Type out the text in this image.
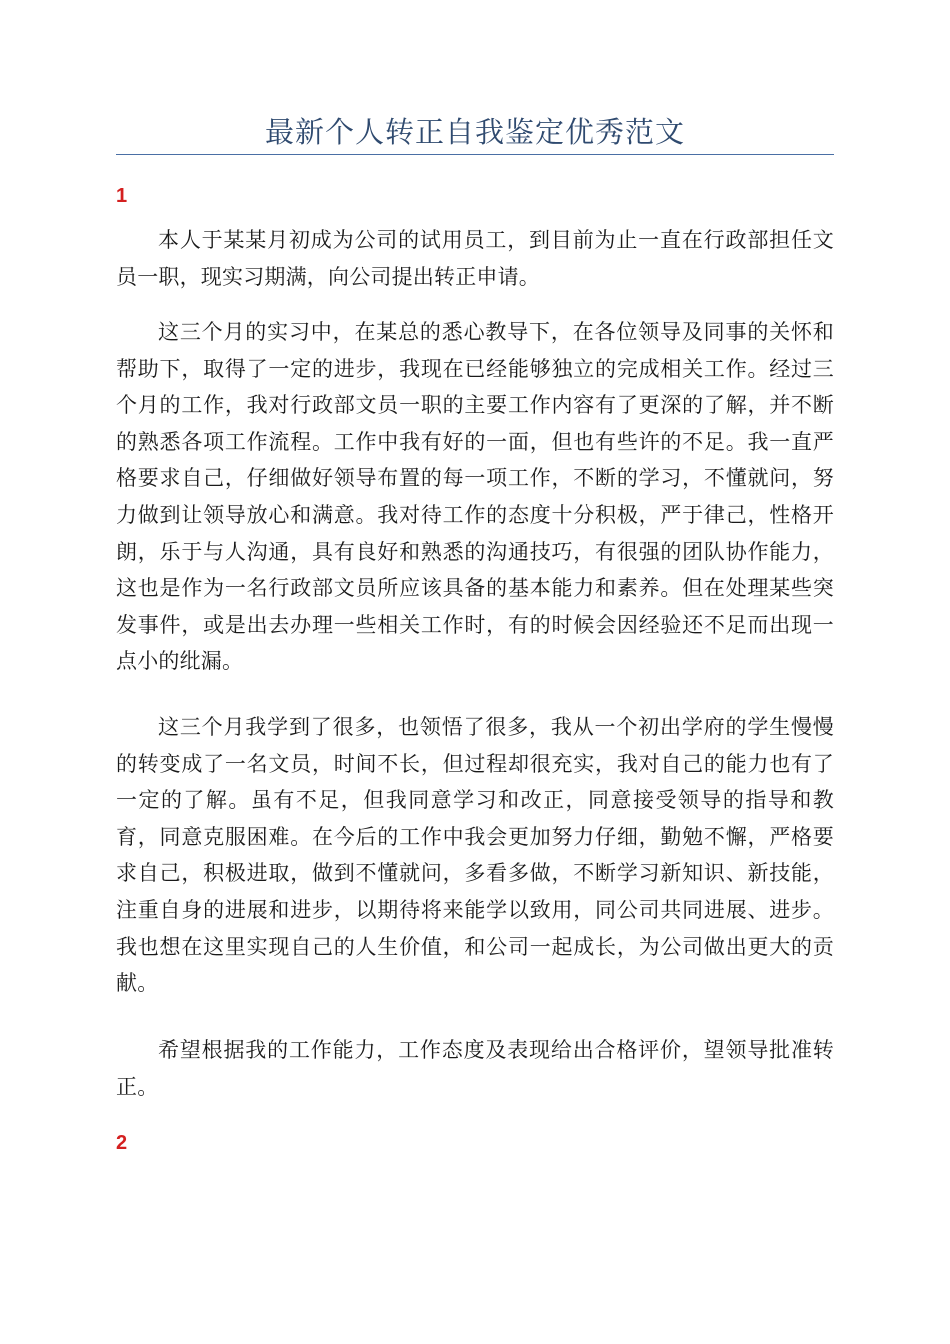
最新个人转正自我鉴定优秀范文
1

本人于某某月初成为公司的试用员工，到目前为止一直在行政部担任文员一职，现实习期满，向公司提出转正申请。

这三个月的实习中，在某总的悉心教导下，在各位领导及同事的关怀和帮助下，取得了一定的进步，我现在已经能够独立的完成相关工作。经过三个月的工作，我对行政部文员一职的主要工作内容有了更深的了解，并不断的熟悉各项工作流程。工作中我有好的一面，但也有些许的不足。我一直严格要求自己，仔细做好领导布置的每一项工作，不断的学习，不懂就问，努力做到让领导放心和满意。我对待工作的态度十分积极，严于律己，性格开朗，乐于与人沟通，具有良好和熟悉的沟通技巧，有很强的团队协作能力，这也是作为一名行政部文员所应该具备的基本能力和素养。但在处理某些突发事件，或是出去办理一些相关工作时，有的时候会因经验还不足而出现一点小的纰漏。

这三个月我学到了很多，也领悟了很多，我从一个初出学府的学生慢慢的转变成了一名文员，时间不长，但过程却很充实，我对自己的能力也有了一定的了解。虽有不足，但我同意学习和改正，同意接受领导的指导和教育，同意克服困难。在今后的工作中我会更加努力仔细，勤勉不懈，严格要求自己，积极进取，做到不懂就问，多看多做，不断学习新知识、新技能，注重自身的进展和进步，以期待将来能学以致用，同公司共同进展、进步。我也想在这里实现自己的人生价值，和公司一起成长，为公司做出更大的贡献。

希望根据我的工作能力，工作态度及表现给出合格评价，望领导批准转正。

2
